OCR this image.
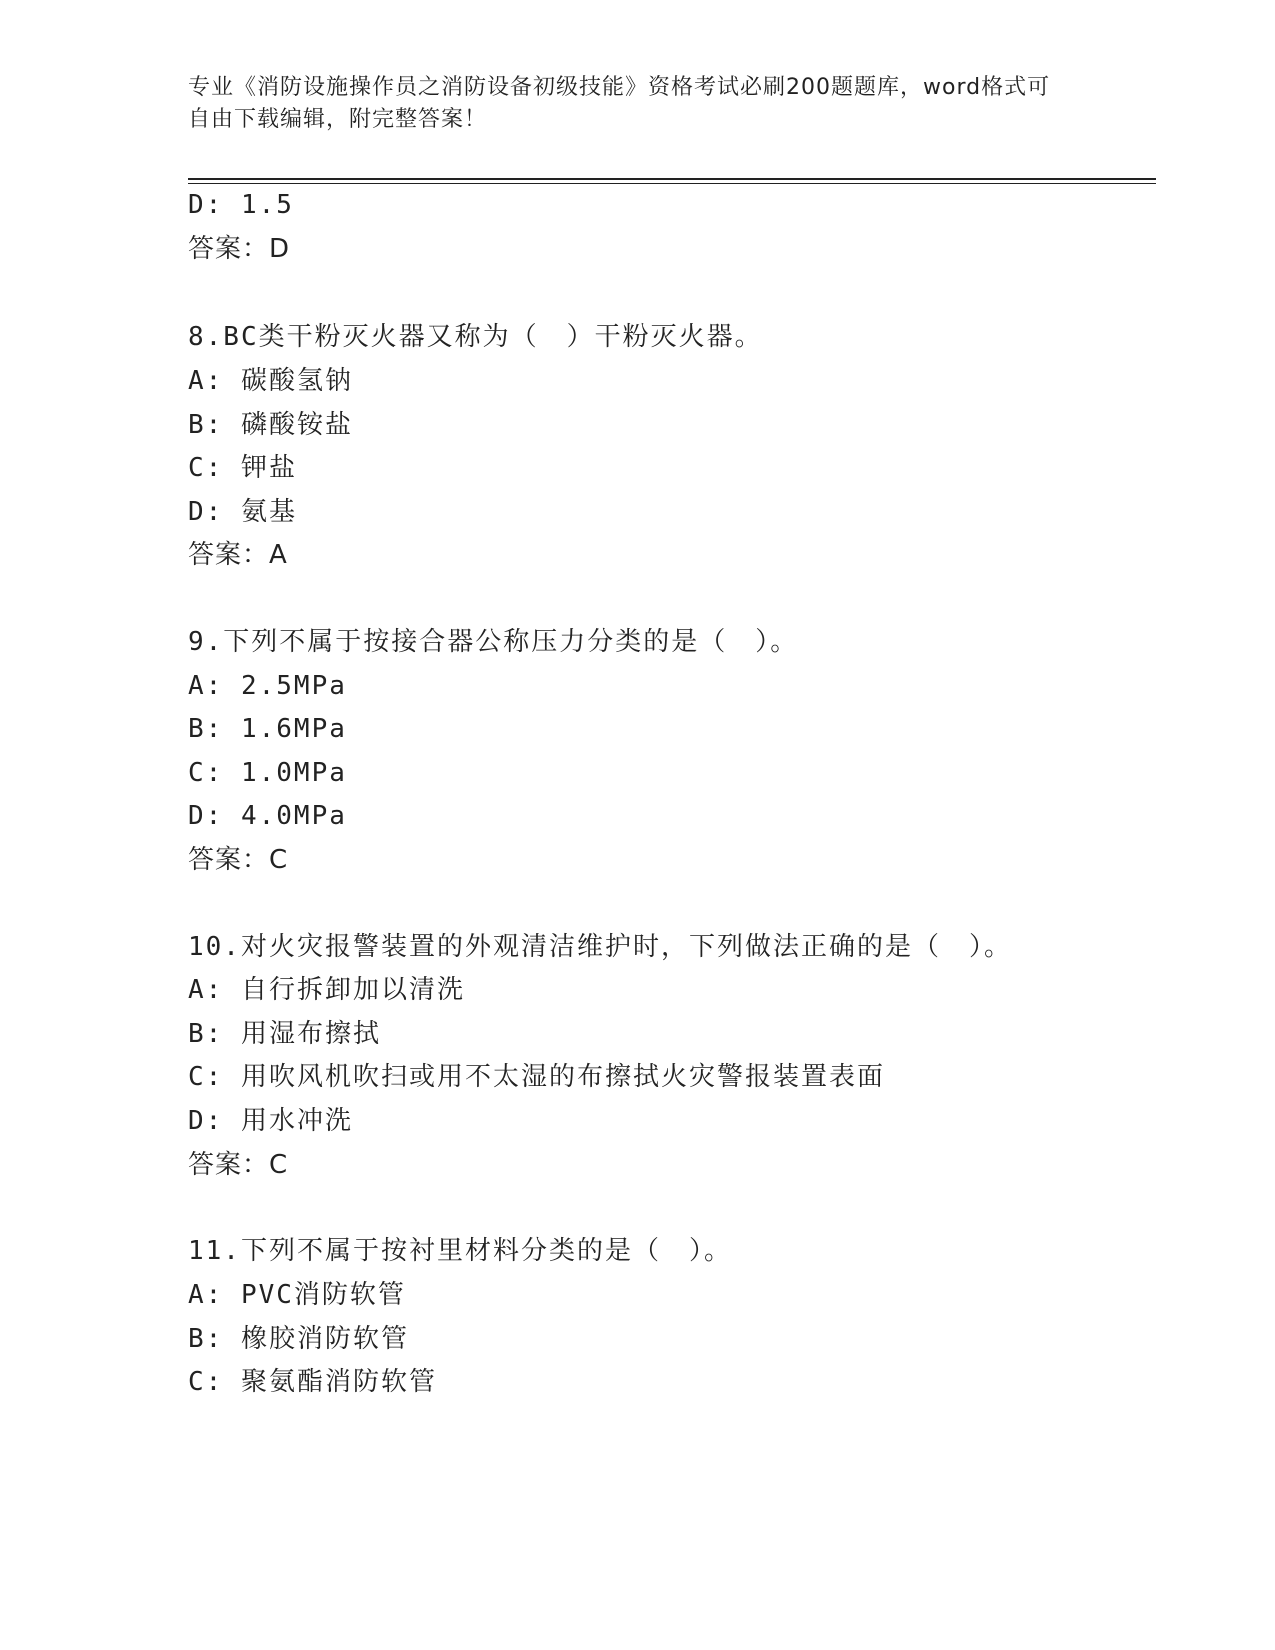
专业《消防设施操作员之消防设备初级技能》资格考试必刷200题题库，word格式可自由下载编辑，附完整答案！
D: 1.5
答案：D
8.BC类干粉灭火器又称为（　）干粉灭火器。
A: 碳酸氢钠
B: 磷酸铵盐
C: 钾盐
D: 氨基
答案：A
9.下列不属于按接合器公称压力分类的是（　）。
A: 2.5MPa
B: 1.6MPa
C: 1.0MPa
D: 4.0MPa
答案：C
10.对火灾报警装置的外观清洁维护时，下列做法正确的是（　）。
A: 自行拆卸加以清洗
B: 用湿布擦拭
C: 用吹风机吹扫或用不太湿的布擦拭火灾警报装置表面
D: 用水冲洗
答案：C
11.下列不属于按衬里材料分类的是（　）。
A: PVC消防软管
B: 橡胶消防软管
C: 聚氨酯消防软管
